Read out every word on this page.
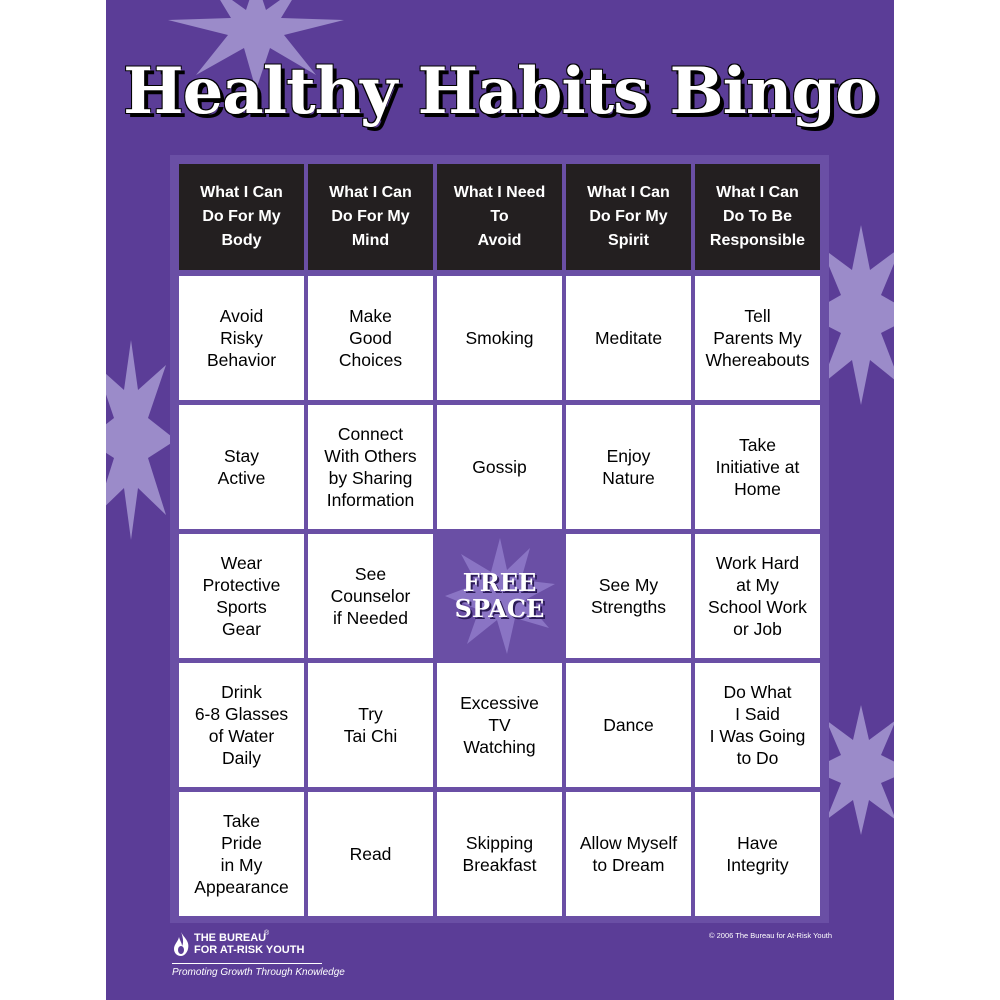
Healthy Habits Bingo
What I Can
Do For My
Body
What I Can
Do For My
Mind
What I Need
To
Avoid
What I Can
Do For My
Spirit
What I Can
Do To Be
Responsible
Avoid
Risky
Behavior
Make
Good
Choices
Smoking	Meditate
Tell
Parents My
Whereabouts
Stay
Active
Connect
With Others
by Sharing
Information
Gossip
Enjoy
Nature
Take
Initiative at
Home
Wear
Protective
Sports
Gear
See
Counselor
if Needed
FREE
SPACE
See My
Strengths
Work Hard
at My
School Work
or Job
Drink
6-8 Glasses
of Water
Daily
Try
Tai Chi
Excessive
TV
Watching
Dance
Do What
I Said
I Was Going
to Do
Take
Pride
in My
Appearance
Read
Skipping
Breakfast
Allow Myself
to Dream
Have
Integrity
THE BUREAU
FOR AT-RISK YOUTH
®
Promoting Growth Through Knowledge
© 2006 The Bureau for At-Risk Youth
